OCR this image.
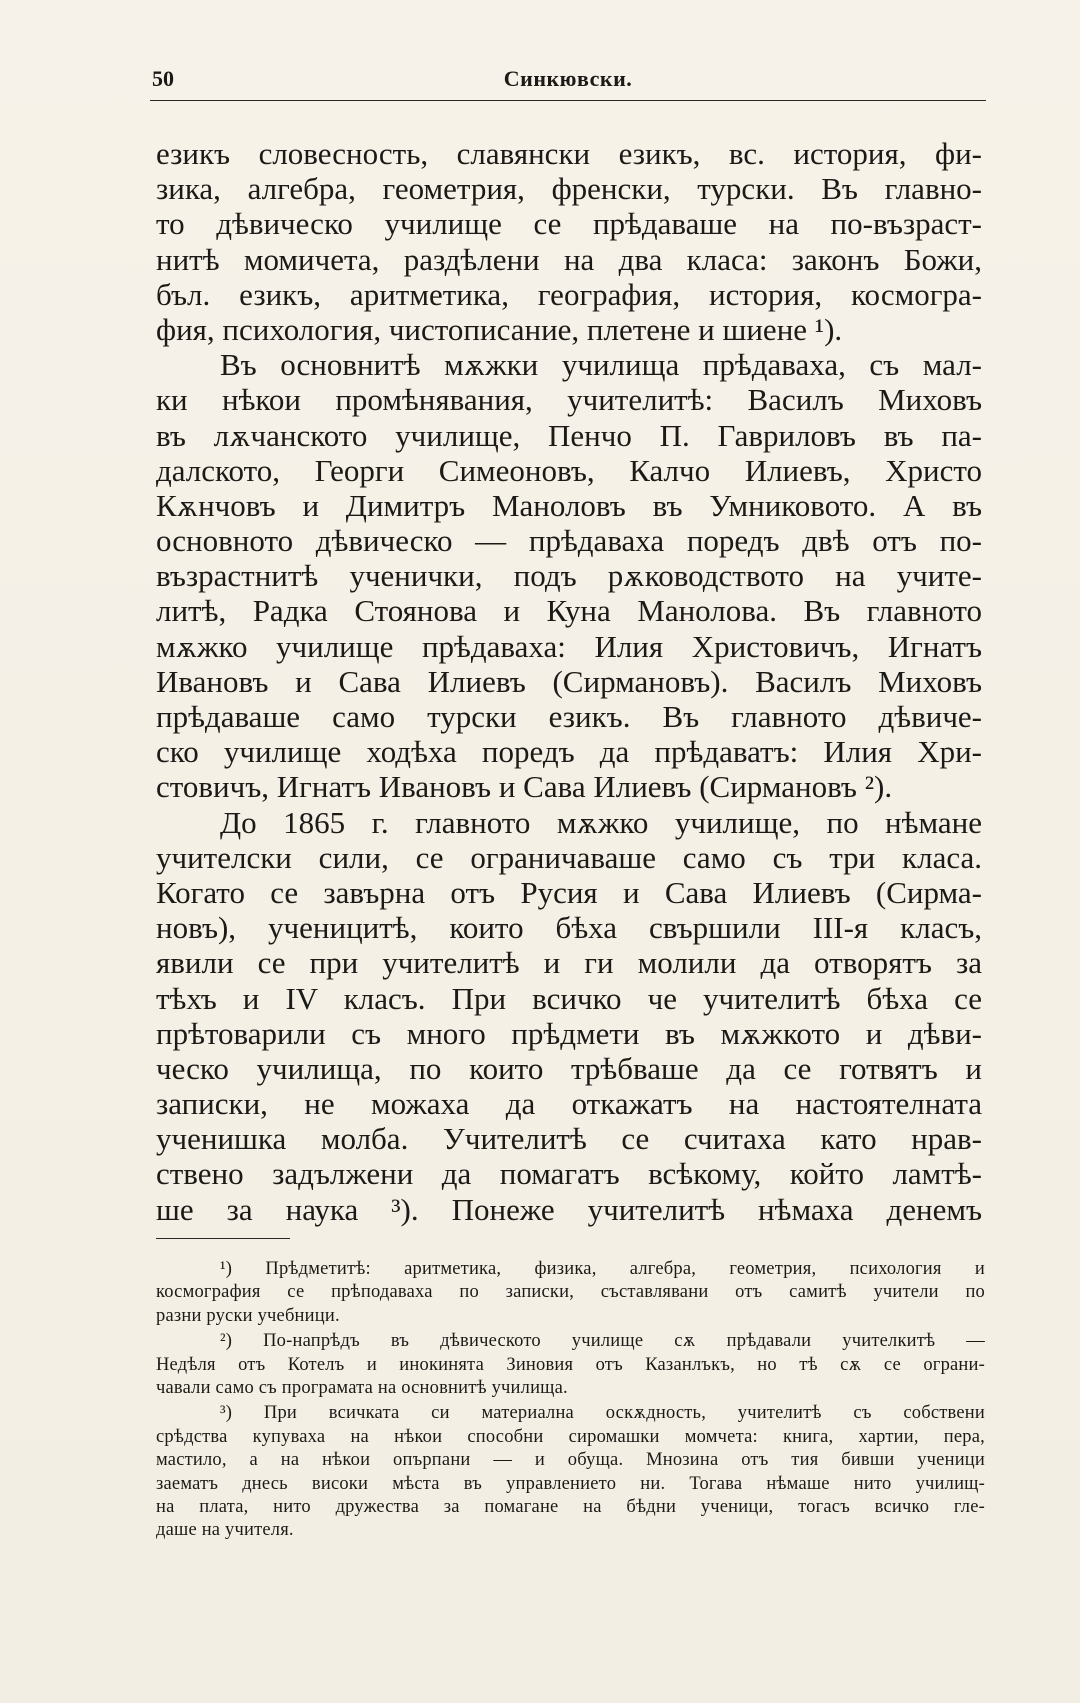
50	Синкювски.
езикъ словесность, славянски езикъ, вс. история, фи-
зика, алгебра, геометрия, френски, турски. Въ главно-
то дѣвическо училище се прѣдаваше на по-възраст-
нитѣ момичета, раздѣлени на два класа: законъ Божи,
бъл. езикъ, аритметика, география, история, космогра-
фия, психология, чистописание, плетене и шиене ¹).
Въ основнитѣ мѫжки училища прѣдаваха, съ мал-
ки нѣкои промѣнявания, учителитѣ: Василъ Миховъ
въ лѫчанското училище, Пенчо П. Гавриловъ въ па-
далското, Георги Симеоновъ, Калчо Илиевъ, Христо
Кѫнчовъ и Димитръ Маноловъ въ Умниковото. А въ
основното дѣвическо — прѣдаваха поредъ двѣ отъ по-
възрастнитѣ ученички, подъ рѫководството на учите-
литѣ, Радка Стоянова и Куна Манолова. Въ главното
мѫжко училище прѣдаваха: Илия Христовичъ, Игнатъ
Ивановъ и Сава Илиевъ (Сирмановъ). Василъ Миховъ
прѣдаваше само турски езикъ. Въ главното дѣвиче-
ско училище ходѣха поредъ да прѣдаватъ: Илия Хри-
стовичъ, Игнатъ Ивановъ и Сава Илиевъ (Сирмановъ ²).
До 1865 г. главното мѫжко училище, по нѣмане
учителски сили, се ограничаваше само съ три класа.
Когато се завърна отъ Русия и Сава Илиевъ (Сирма-
новъ), ученицитѣ, които бѣха свършили III-я класъ,
явили се при учителитѣ и ги молили да отворятъ за
тѣхъ и IV класъ. При всичко че учителитѣ бѣха се
прѣтоварили съ много прѣдмети въ мѫжкото и дѣви-
ческо училища, по които трѣбваше да се готвятъ и
записки, не можаха да откажатъ на настоятелната
ученишка молба. Учителитѣ се считаха като нрав-
ствено задължени да помагатъ всѣкому, който ламтѣ-
ше за наука ³). Понеже учителитѣ нѣмаха денемъ
¹) Прѣдметитѣ: аритметика, физика, алгебра, геометрия, психология и
космография се прѣподаваха по записки, съставлявани отъ самитѣ учители по
разни руски учебници.
²) По-напрѣдъ въ дѣвическото училище сѫ прѣдавали учителкитѣ —
Недѣля отъ Котелъ и инокинята Зиновия отъ Казанлъкъ, но тѣ сѫ се ограни-
чавали само съ програмата на основнитѣ училища.
³) При всичката си материална оскѫдность, учителитѣ съ собствени
срѣдства купуваха на нѣкои способни сиромашки момчета: книга, хартии, пера,
мастило, а на нѣкои опърпани — и обуща. Мнозина отъ тия бивши ученици
заематъ днесь високи мѣста въ управлението ни. Тогава нѣмаше нито училищ-
на плата, нито дружества за помагане на бѣдни ученици, тогасъ всичко гле-
даше на учителя.
